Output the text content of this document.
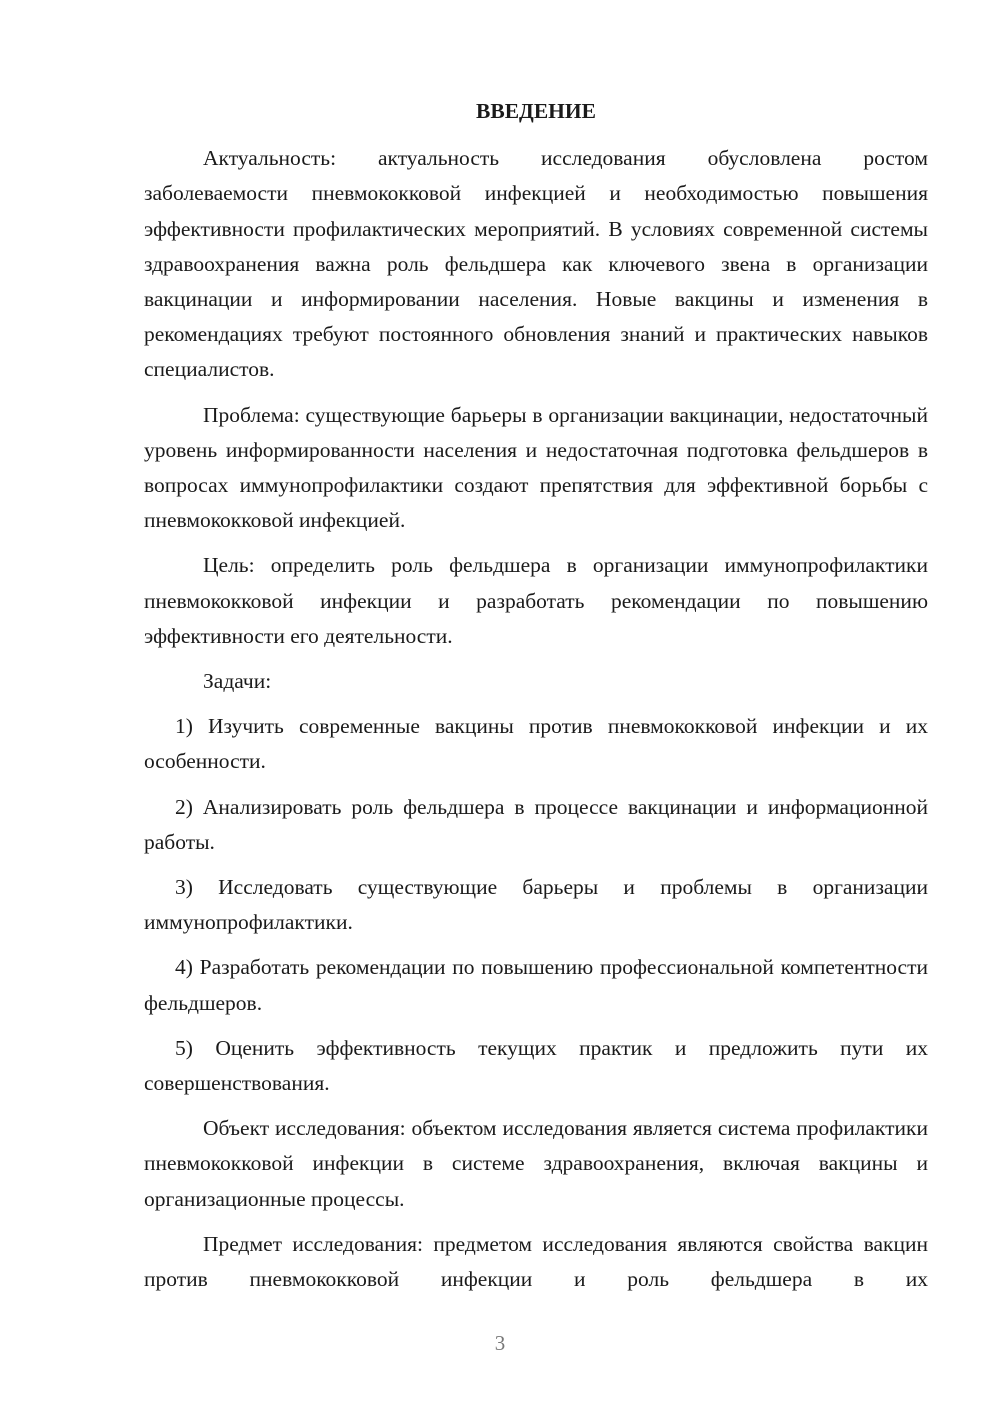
ВВЕДЕНИЕ

Актуальность: актуальность исследования обусловлена ростом заболеваемости пневмококковой инфекцией и необходимостью повышения эффективности профилактических мероприятий. В условиях современной системы здравоохранения важна роль фельдшера как ключевого звена в организации вакцинации и информировании населения. Новые вакцины и изменения в рекомендациях требуют постоянного обновления знаний и практических навыков специалистов.

Проблема: существующие барьеры в организации вакцинации, недостаточный уровень информированности населения и недостаточная подготовка фельдшеров в вопросах иммунопрофилактики создают препятствия для эффективной борьбы с пневмококковой инфекцией.

Цель: определить роль фельдшера в организации иммунопрофилактики пневмококковой инфекции и разработать рекомендации по повышению эффективности его деятельности.

Задачи:

1) Изучить современные вакцины против пневмококковой инфекции и их особенности.

2) Анализировать роль фельдшера в процессе вакцинации и информационной работы.

3) Исследовать существующие барьеры и проблемы в организации иммунопрофилактики.

4) Разработать рекомендации по повышению профессиональной компетентности фельдшеров.

5) Оценить эффективность текущих практик и предложить пути их совершенствования.

Объект исследования: объектом исследования является система профилактики пневмококковой инфекции в системе здравоохранения, включая вакцины и организационные процессы.

Предмет исследования: предметом исследования являются свойства вакцин против пневмококковой инфекции и роль фельдшера в их

3
